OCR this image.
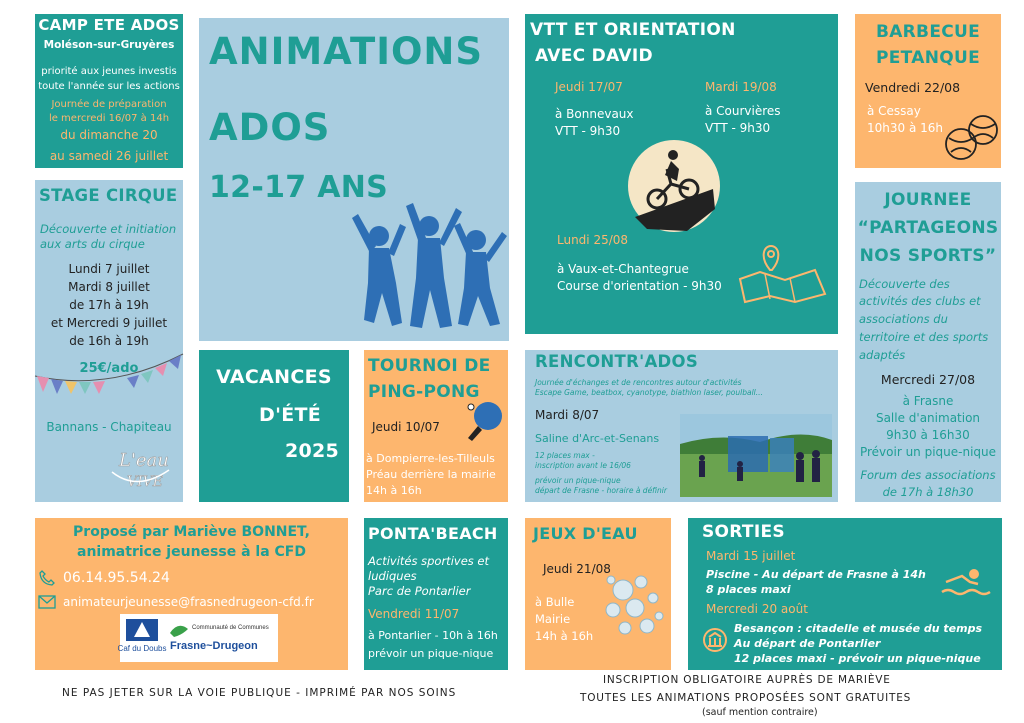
CAMP ETE ADOS
Moléson-sur-Gruyères
priorité aux jeunes investis
toute l'année sur les actions
Journée de préparation
le mercredi 16/07 à 14h
du dimanche 20
au samedi 26 juillet
ANIMATIONS
ADOS
12-17 ANS
VTT ET ORIENTATION
AVEC DAVID
Jeudi 17/07
à Bonnevaux
VTT - 9h30
Mardi 19/08
à Courvières
VTT - 9h30
Lundi 25/08
à Vaux-et-Chantegrue
Course d'orientation - 9h30
BARBECUE
PETANQUE
Vendredi 22/08
à Cessay
10h30 à 16h
STAGE CIRQUE
Découverte et initiation
aux arts du cirque
Lundi 7 juillet
Mardi 8 juillet
de 17h à 19h
et Mercredi 9 juillet
de 16h à 19h
25€/ado
Bannans - Chapiteau
L'eau
VIVE
JOURNEE
“PARTAGEONS
NOS SPORTS”
Découverte des
activités des clubs et
associations du
territoire et des sports
adaptés
Mercredi 27/08
à Frasne
Salle d'animation
9h30 à 16h30
Prévoir un pique-nique
Forum des associations
de 17h à 18h30
VACANCES
D'ÉTÉ
2025
TOURNOI DE
PING-PONG
Jeudi 10/07
à Dompierre-les-Tilleuls
Préau derrière la mairie
14h à 16h
RENCONTR'ADOS
Journée d'échanges et de rencontres autour d'activités
Escape Game, beatbox, cyanotype, biathlon laser, poulball...
Mardi 8/07
Saline d'Arc-et-Senans
12 places max -
inscription avant le 16/06
prévoir un pique-nique
départ de Frasne - horaire à définir
Proposé par Mariève BONNET,
animatrice jeunesse à la CFD
06.14.95.54.24
animateurjeunesse@frasnedrugeon-cfd.fr
Caf du Doubs
Communauté de Communes
Frasne~Drugeon
PONTA'BEACH
Activités sportives et
ludiques
Parc de Pontarlier
Vendredi 11/07
à Pontarlier - 10h à 16h
prévoir un pique-nique
JEUX D'EAU
Jeudi 21/08
à Bulle
Mairie
14h à 16h
SORTIES
Mardi 15 juillet
Piscine - Au départ de Frasne à 14h
8 places maxi
Mercredi 20 août
Besançon : citadelle et musée du temps
Au départ de Pontarlier
12 places maxi - prévoir un pique-nique
NE PAS JETER SUR LA VOIE PUBLIQUE - IMPRIMÉ PAR NOS SOINS
INSCRIPTION OBLIGATOIRE AUPRÈS DE MARIÈVE
TOUTES LES ANIMATIONS PROPOSÉES SONT GRATUITES
(sauf mention contraire)
